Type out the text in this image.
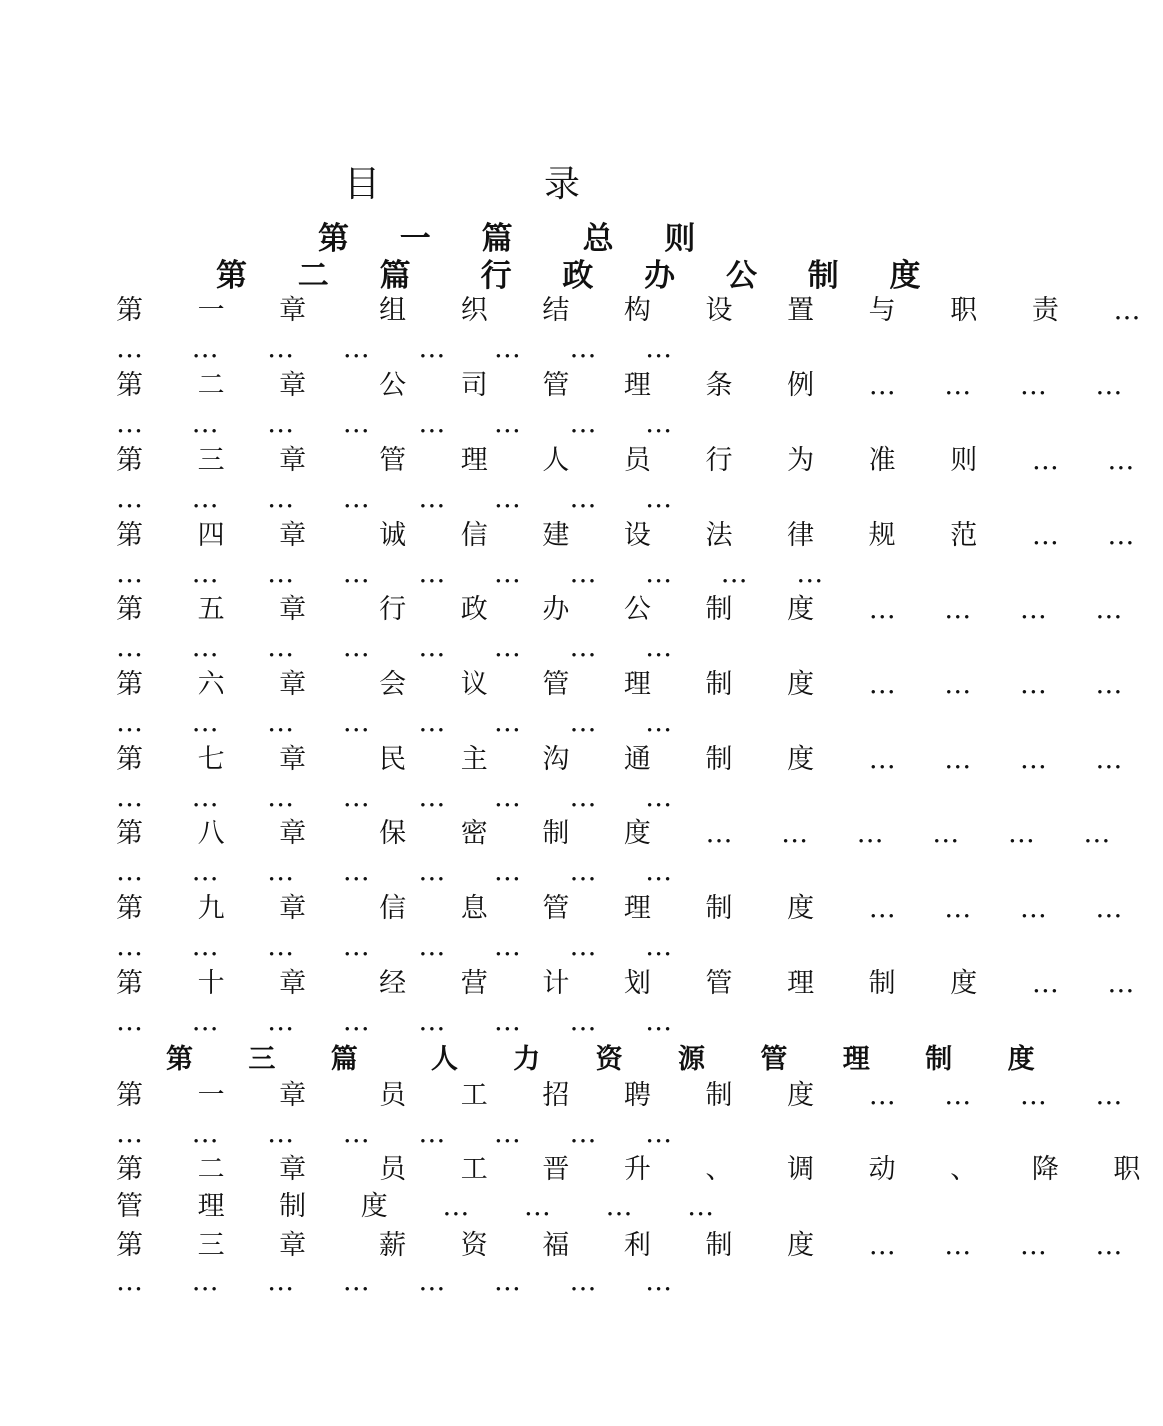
目	录
第 一 篇 总 则
第 二 篇 行 政 办 公 制 度
第 一 章 组 织 结 构 设 置 与 职 责 …
… … … … … … … …
第 二 章 公 司 管 理 条 例 … … … …
… … … … … … … …
第 三 章 管 理 人 员 行 为 准 则 … …
… … … … … … … …
第 四 章 诚 信 建 设 法 律 规 范 … …
… … … … … … … … … …
第 五 章 行 政 办 公 制 度 … … … …
… … … … … … … …
第 六 章 会 议 管 理 制 度 … … … …
… … … … … … … …
第 七 章 民 主 沟 通 制 度 … … … …
… … … … … … … …
第 八 章 保 密 制 度 … … … … … …
… … … … … … … …
第 九 章 信 息 管 理 制 度 … … … …
… … … … … … … …
第 十 章 经 营 计 划 管 理 制 度 … …
… … … … … … … …
第 三 篇 人 力 资 源 管 理 制 度
第 一 章 员 工 招 聘 制 度 … … … …
… … … … … … … …
第 二 章 员 工 晋 升 、 调 动 、 降 职
管 理 制 度 … … … …
第 三 章 薪 资 福 利 制 度 … … … …
… … … … … … … …
